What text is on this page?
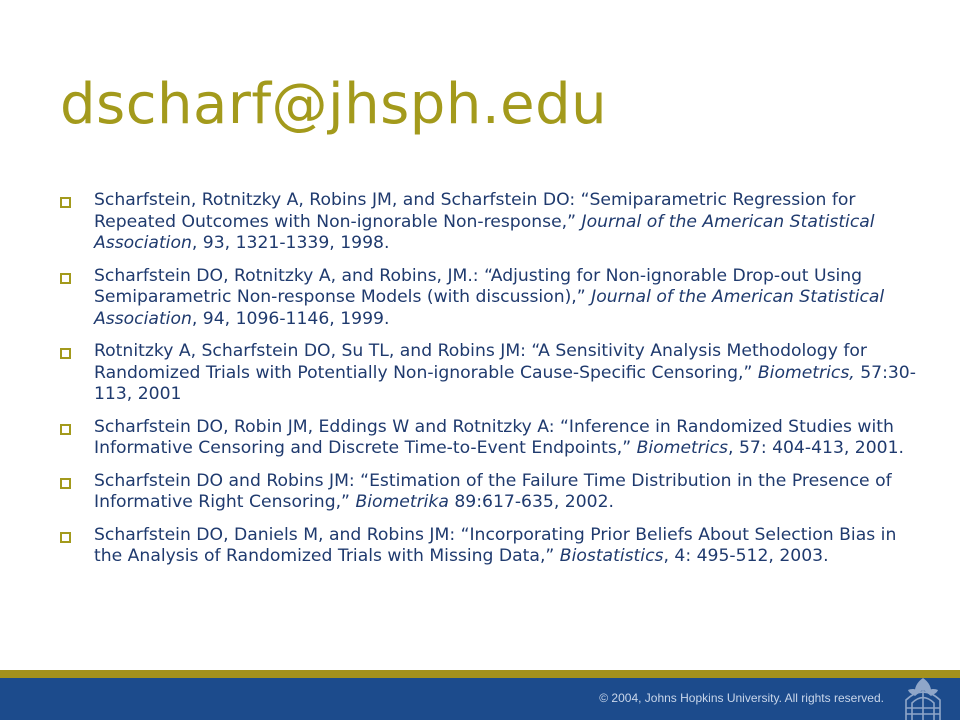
dscharf@jhsph.edu
Scharfstein, Rotnitzky A, Robins JM, and Scharfstein DO: “Semiparametric Regression for Repeated Outcomes with Non-ignorable Non-response,” Journal of the American Statistical Association, 93, 1321-1339, 1998.
Scharfstein DO, Rotnitzky A, and Robins, JM.: “Adjusting for Non-ignorable Drop-out Using Semiparametric Non-response Models (with discussion),” Journal of the American Statistical Association, 94, 1096-1146, 1999.
Rotnitzky A, Scharfstein DO, Su TL, and Robins JM: “A Sensitivity Analysis Methodology for Randomized Trials with Potentially Non-ignorable Cause-Specific Censoring,” Biometrics, 57:30-113, 2001
Scharfstein DO, Robin JM, Eddings W and Rotnitzky A: “Inference in Randomized Studies with Informative Censoring and Discrete Time-to-Event Endpoints,” Biometrics, 57: 404-413, 2001.
Scharfstein DO and Robins JM: “Estimation of the Failure Time Distribution in the Presence of Informative Right Censoring,” Biometrika 89:617-635, 2002.
Scharfstein DO, Daniels M, and Robins JM: “Incorporating Prior Beliefs About Selection Bias in the Analysis of Randomized Trials with Missing Data,” Biostatistics, 4: 495-512, 2003.
© 2004, Johns Hopkins University. All rights reserved.
